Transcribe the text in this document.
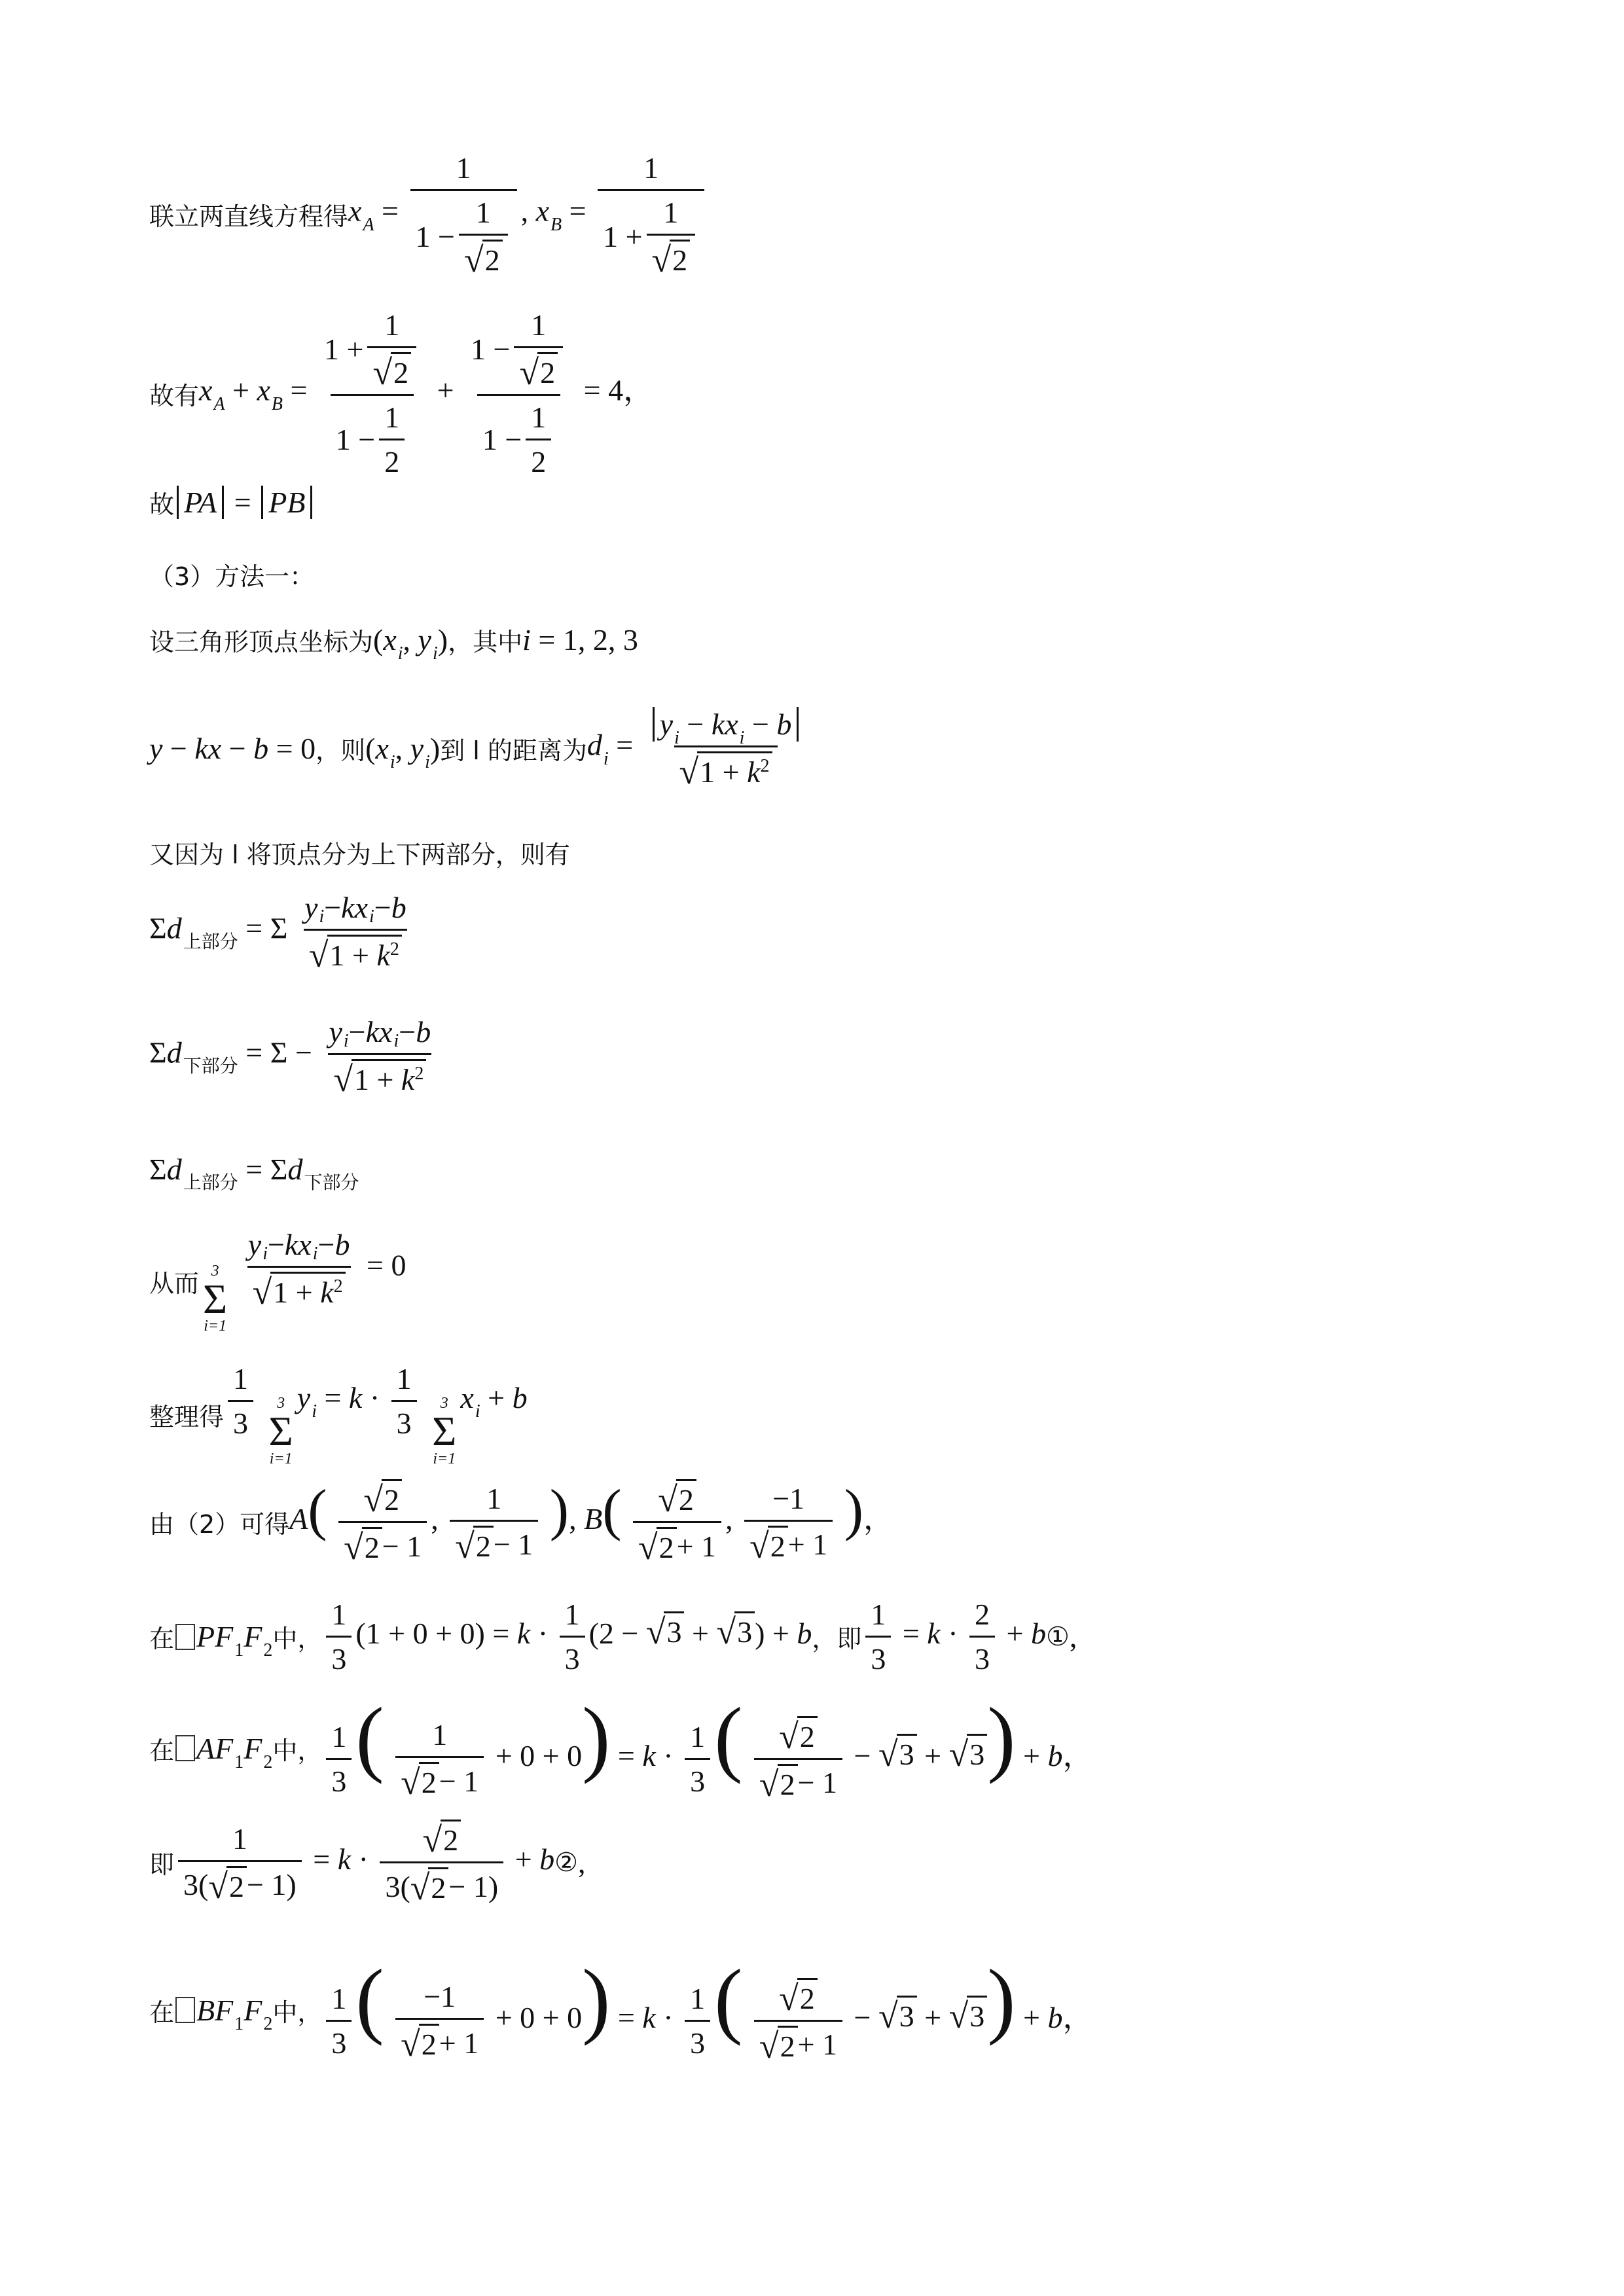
联立两直线方程得 $x_A = \frac{1}{1 - \frac{1}{√ 2}}$ , $x_B = \frac{1}{1 + \frac{1}{√ 2}}$
故有 $x_A + x_B = \frac{1 + \frac{1}{√ 2}}{1 - \frac{1}{2}} + \frac{1 - \frac{1}{√ 2}}{1 - \frac{1}{2}} = 4$，
故 PA = PB
（3）方法一：
设三角形顶点坐标为 ($x_i$, $y_i$) ，其中 i = 1, 2, 3
y − kx − b = 0 ，则 ($x_i$, $y_i$) 到 l 的距离为 $d_i = \frac{y_i - kx_i - b}{√ 1 + k^2}$
又因为 l 将顶点分为上下两部分，则有
$\Sigma d_{上部分} = \Sigma \frac{\text{y i − kx i − b}}{√ 1 + k^2}$
$\Sigma d_{下部分} = \Sigma - \frac{\text{y i − kx i − b}}{√ 1 + k^2}$
$\Sigma d_{上部分} = \Sigma d_{下部分}$
从而 3
Σ
i=1

$\frac{\text{y i − kx i − b}}{√ 1 + k^2} = 0$
整理得 $\frac{1}{3}$
3
Σ
i=1
$y_i = k \cdot \frac{1}{3}$
3
Σ
i=1
$x_i + b$
由（2）可得 $A( \frac{√ 2}{√ 2 - 1}$ , $\frac{1}{√ 2 - 1}$ ), $B( \frac{√ 2}{√ 2 + 1}$ , $\frac{-1}{√ 2 + 1}$ )，
在 $PF_1F_2$ 中， $\frac{1}{3} (1 + 0 + 0) = k \cdot \frac{1}{3} (2$ − √ 3 + √ 3 ) + b ，即 $\frac{1}{3} = k \cdot \frac{2}{3} + b$ ① ,
在 $AF_1F_2$ 中， $\frac{1}{3}$ ( $\frac{1}{√ 2 - 1} + 0 + 0) = k \cdot \frac{1}{3}$ ( $\frac{√ 2}{√ 2 - 1}$ − √ 3 + √ 3 ) + b，
即 $\frac{1}{3( √ 2 - 1)} = k \cdot \frac{√ 2}{3( √ 2 - 1)} + b$ ② ,
在 $BF_1F_2$ 中， $\frac{1}{3}$ ( $\frac{-1}{√ 2 + 1} + 0 + 0) = k \cdot \frac{1}{3}$ ( $\frac{√ 2}{√ 2 + 1}$ − √ 3 + √ 3 ) + b，
